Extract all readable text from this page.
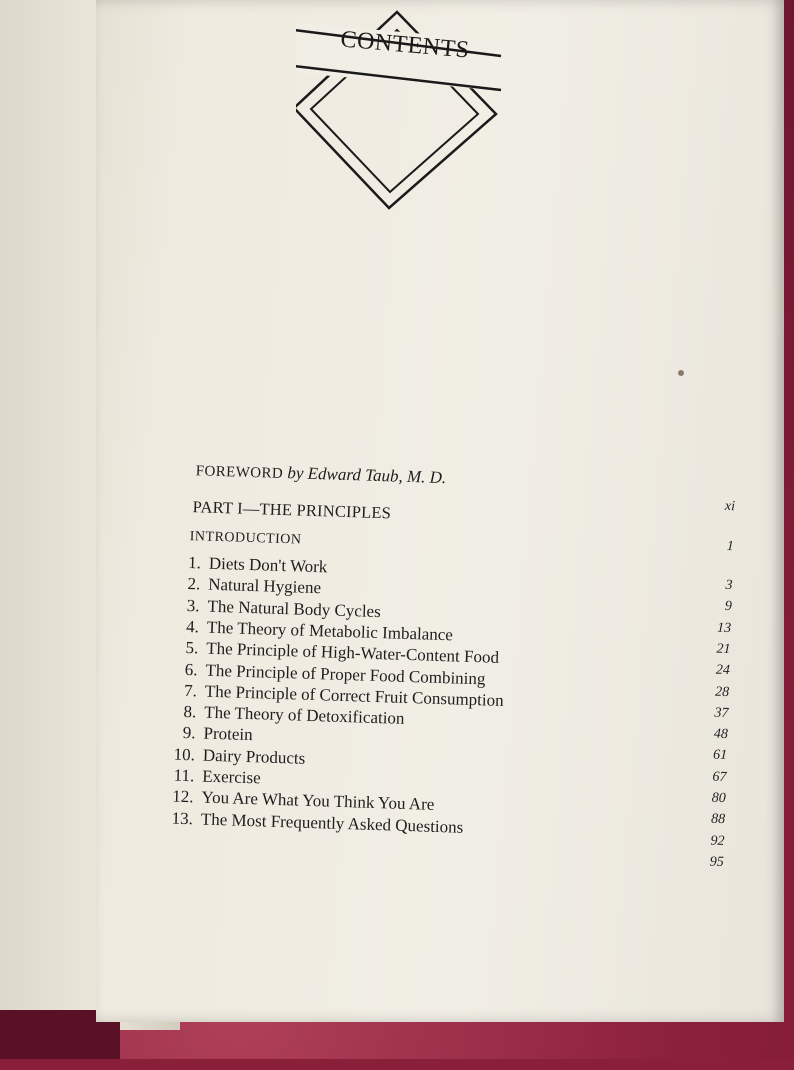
CONTENTS
FOREWORD by Edward Taub, M. D.
xi
PART I—THE PRINCIPLES
INTRODUCTION	1
1. Diets Don't Work
3
2. Natural Hygiene
9
3. The Natural Body Cycles
13
4. The Theory of Metabolic Imbalance
21
5. The Principle of High-Water-Content Food
24
6. The Principle of Proper Food Combining
28
7. The Principle of Correct Fruit Consumption
37
8. The Theory of Detoxification
48
9. Protein
61
10. Dairy Products
67
11. Exercise
80
12. You Are What You Think You Are
88
13. The Most Frequently Asked Questions
92
95
